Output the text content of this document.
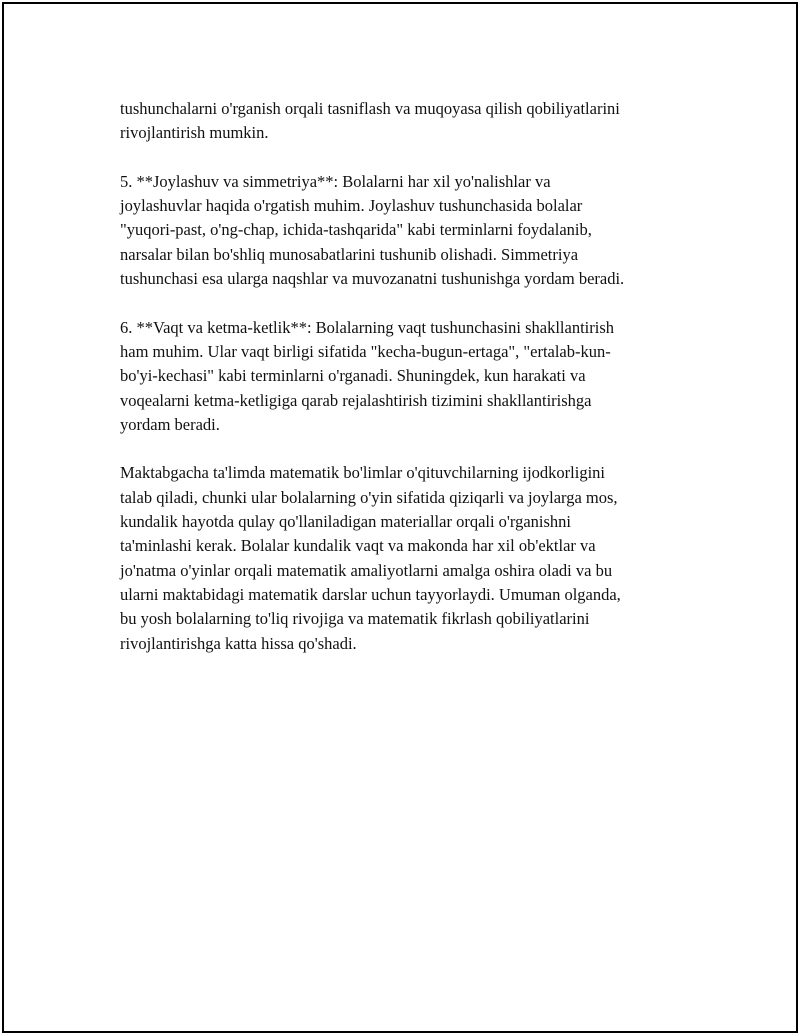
tushunchalarni o'rganish orqali tasniflash va muqoyasa qilish qobiliyatlarini
rivojlantirish mumkin.

5. **Joylashuv va simmetriya**: Bolalarni har xil yo'nalishlar va
joylashuvlar haqida o'rgatish muhim. Joylashuv tushunchasida bolalar
"yuqori-past, o'ng-chap, ichida-tashqarida" kabi terminlarni foydalanib,
narsalar bilan bo'shliq munosabatlarini tushunib olishadi. Simmetriya
tushunchasi esa ularga naqshlar va muvozanatni tushunishga yordam beradi.

6. **Vaqt va ketma-ketlik**: Bolalarning vaqt tushunchasini shakllantirish
ham muhim. Ular vaqt birligi sifatida "kecha-bugun-ertaga", "ertalab-kun-
bo'yi-kechasi" kabi terminlarni o'rganadi. Shuningdek, kun harakati va
voqealarni ketma-ketligiga qarab rejalashtirish tizimini shakllantirishga
yordam beradi.

Maktabgacha ta'limda matematik bo'limlar o'qituvchilarning ijodkorligini
talab qiladi, chunki ular bolalarning o'yin sifatida qiziqarli va joylarga mos,
kundalik hayotda qulay qo'llaniladigan materiallar orqali o'rganishni
ta'minlashi kerak. Bolalar kundalik vaqt va makonda har xil ob'ektlar va
jo'natma o'yinlar orqali matematik amaliyotlarni amalga oshira oladi va bu
ularni maktabidagi matematik darslar uchun tayyorlaydi. Umuman olganda,
bu yosh bolalarning to'liq rivojiga va matematik fikrlash qobiliyatlarini
rivojlantirishga katta hissa qo'shadi.
